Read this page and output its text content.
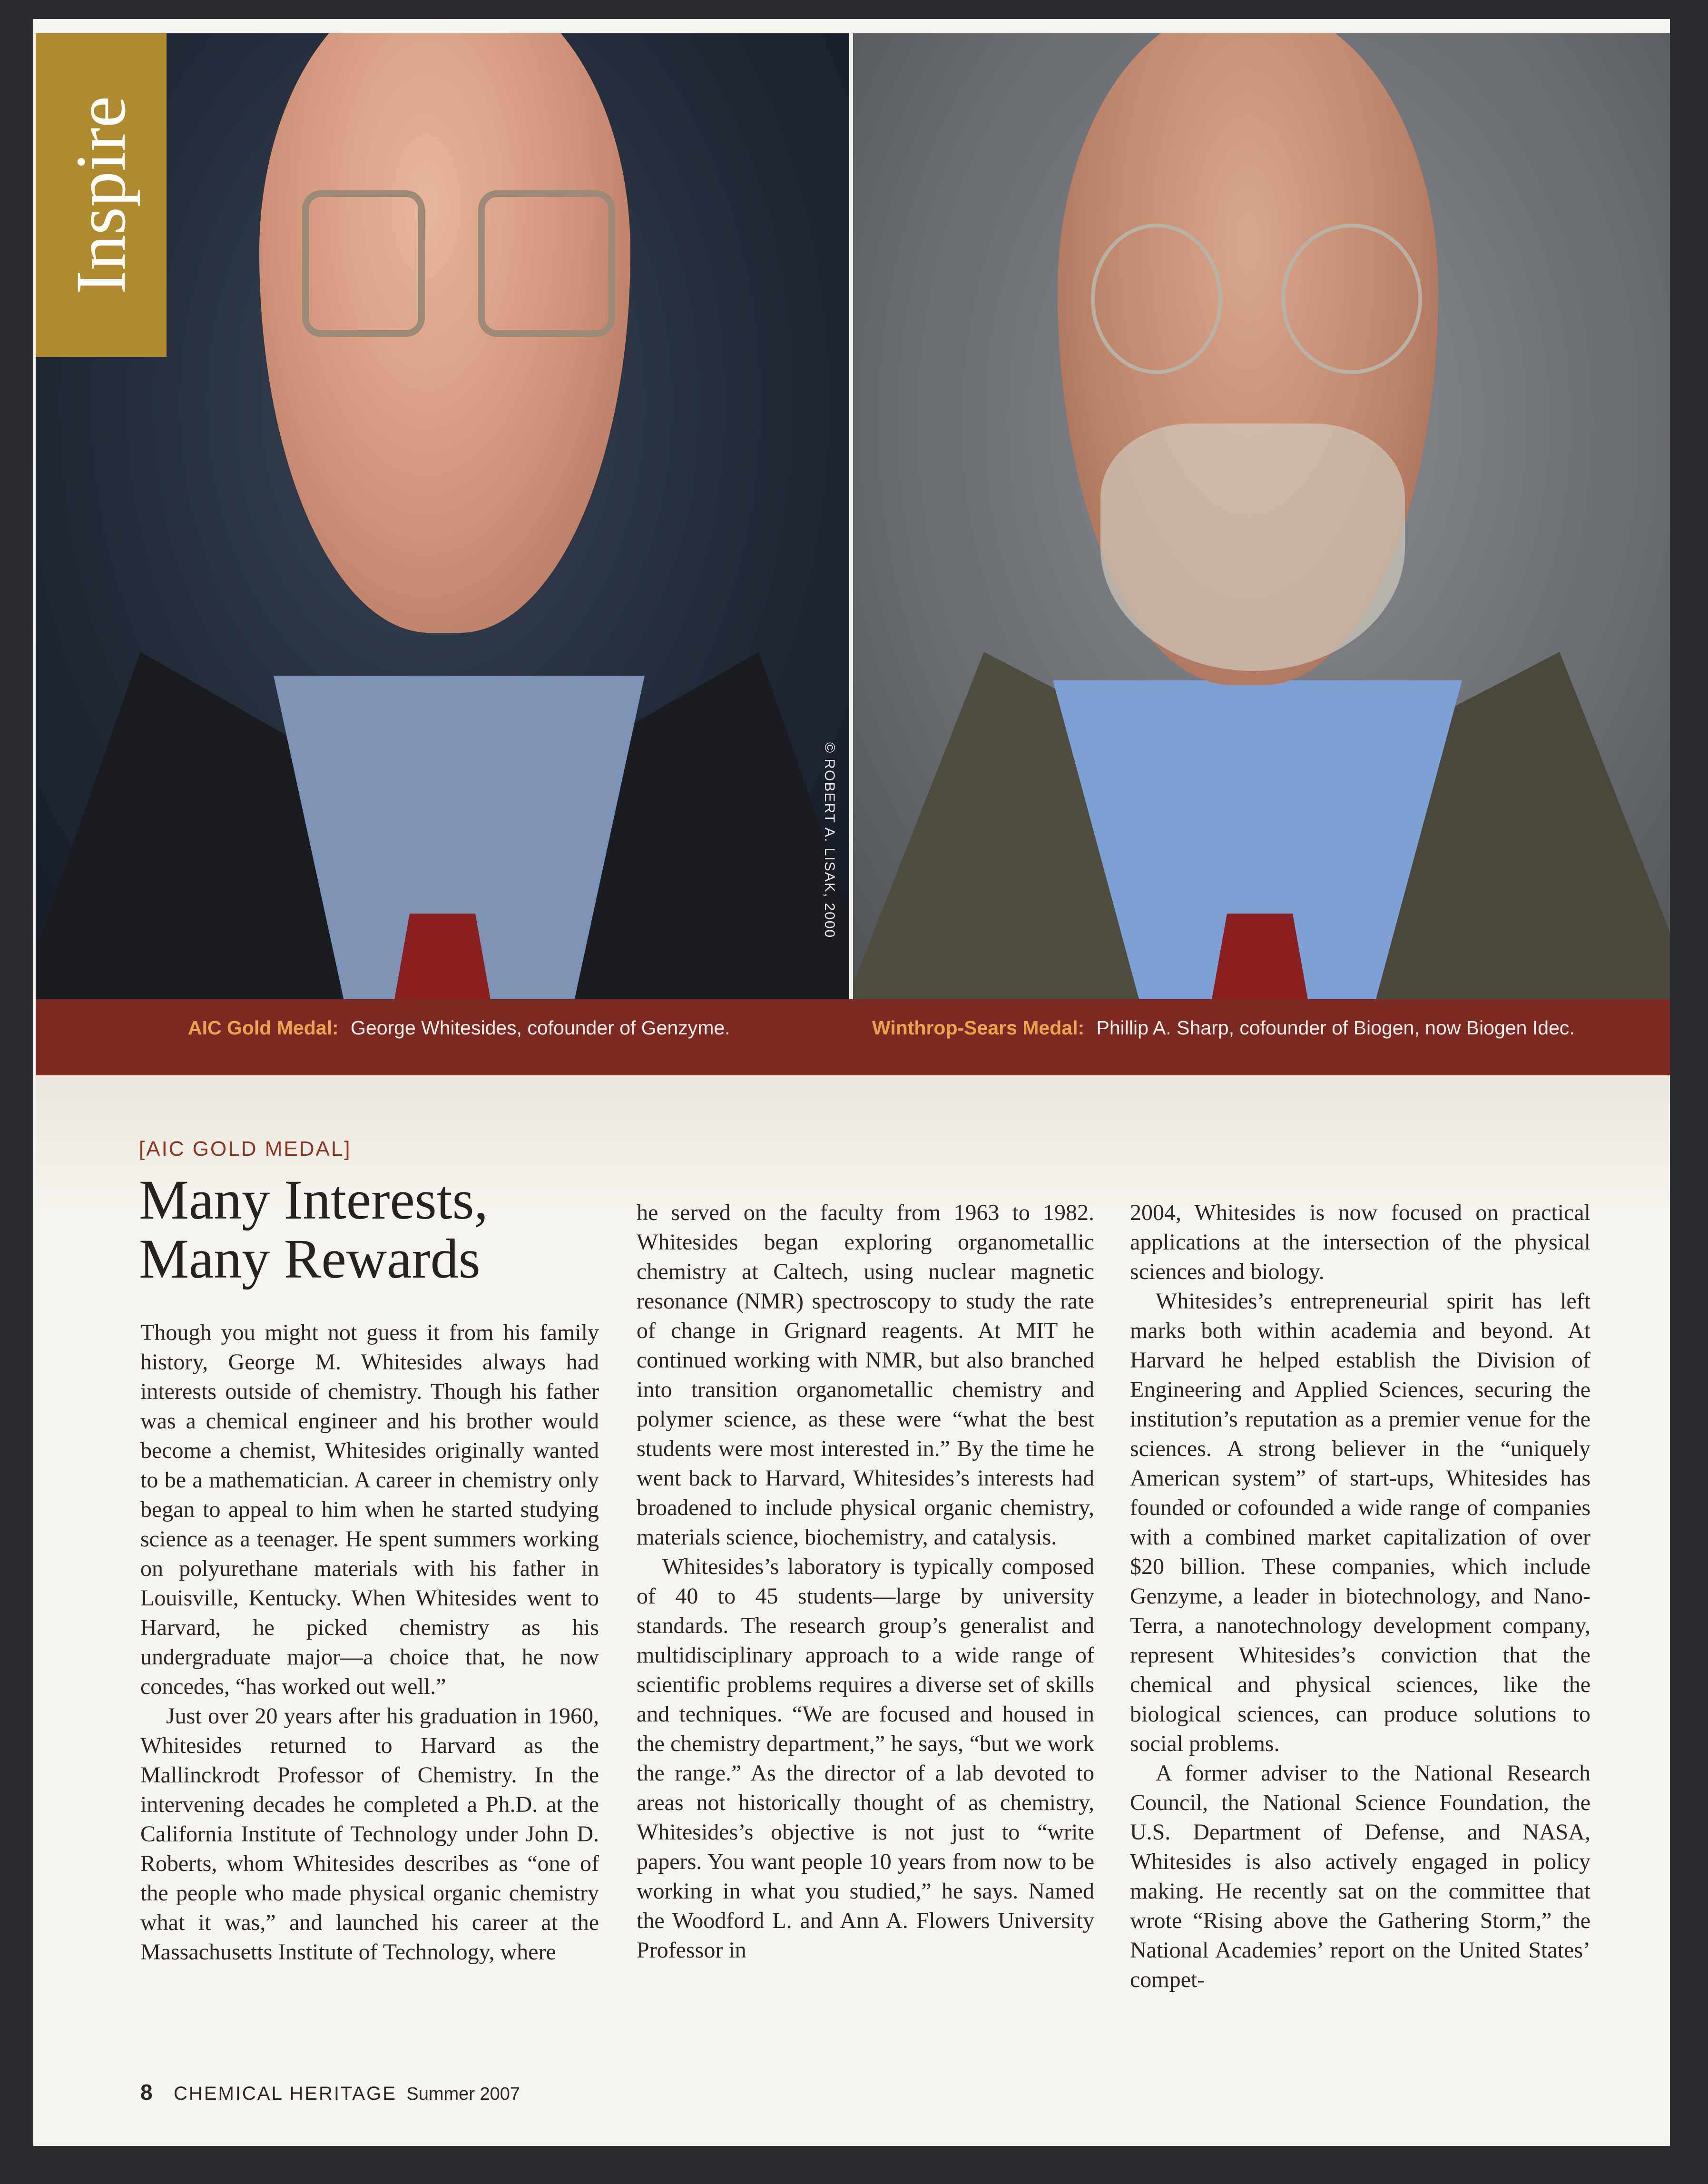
Inspire
© ROBERT A. LISAK, 2000
AIC Gold Medal: George Whitesides, cofounder of Genzyme.	Winthrop-Sears Medal: Phillip A. Sharp, cofounder of Biogen, now Biogen Idec.
[AIC GOLD MEDAL]
Many Interests,
Many Rewards

Though you might not guess it from his family history, George M. Whitesides always had interests outside of chemistry. Though his father was a chemical engineer and his brother would become a chemist, Whitesides originally wanted to be a mathematician. A career in chemistry only began to appeal to him when he started studying science as a teenager. He spent summers working on polyurethane materials with his father in Louisville, Kentucky. When Whitesides went to Harvard, he picked chemistry as his undergraduate major—a choice that, he now concedes, “has worked out well.”

Just over 20 years after his graduation in 1960, Whitesides returned to Harvard as the Mallinckrodt Professor of Chemistry. In the intervening decades he completed a Ph.D. at the California Institute of Technology under John D. Roberts, whom Whitesides describes as “one of the people who made physical organic chemistry what it was,” and launched his career at the Massachusetts Institute of Technology, where

he served on the faculty from 1963 to 1982. Whitesides began exploring organometallic chemistry at Caltech, using nuclear magnetic resonance (NMR) spectroscopy to study the rate of change in Grignard reagents. At MIT he continued working with NMR, but also branched into transition organometallic chemistry and polymer science, as these were “what the best students were most interested in.” By the time he went back to Harvard, Whitesides’s interests had broadened to include physical organic chemistry, materials science, biochemistry, and catalysis.

Whitesides’s laboratory is typically composed of 40 to 45 students—large by university standards. The research group’s generalist and multidisciplinary approach to a wide range of scientific problems requires a diverse set of skills and techniques. “We are focused and housed in the chemistry department,” he says, “but we work the range.” As the director of a lab devoted to areas not historically thought of as chemistry, Whitesides’s objective is not just to “write papers. You want people 10 years from now to be working in what you studied,” he says. Named the Woodford L. and Ann A. Flowers University Professor in

2004, Whitesides is now focused on practical applications at the intersection of the physical sciences and biology.

Whitesides’s entrepreneurial spirit has left marks both within academia and beyond. At Harvard he helped establish the Division of Engineering and Applied Sciences, securing the institution’s reputation as a premier venue for the sciences. A strong believer in the “uniquely American system” of start-ups, Whitesides has founded or cofounded a wide range of companies with a combined market capitalization of over $20 billion. These companies, which include Genzyme, a leader in biotechnology, and Nano-Terra, a nanotechnology development company, represent Whitesides’s conviction that the chemical and physical sciences, like the biological sciences, can produce solutions to social problems.

A former adviser to the National Research Council, the National Science Foundation, the U.S. Department of Defense, and NASA, Whitesides is also actively engaged in policy making. He recently sat on the committee that wrote “Rising above the Gathering Storm,” the National Academies’ report on the United States’ compet-

8 CHEMICAL HERITAGE Summer 2007
